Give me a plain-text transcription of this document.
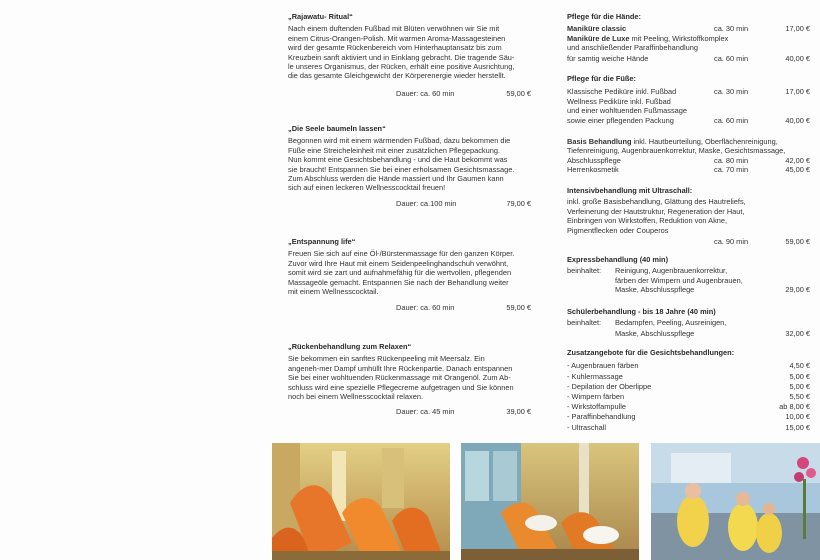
„Rajawatu- Ritual“

Nach einem duftenden Fußbad mit Blüten verwöhnen wir Sie mit
einem Citrus-Orangen-Polish. Mit warmen Aroma-Massagesteinen
wird der gesamte Rückenbereich vom Hinterhauptansatz bis zum
Kreuzbein sanft aktiviert und in Einklang gebracht. Die tragende Säu-
le unseres Organismus, der Rücken, erhält eine positive Ausrichtung,
die das gesamte Gleichgewicht der Körperenergie wieder herstellt.

Dauer: ca. 60 min	59,00 €

„Die Seele baumeln lassen“

Begonnen wird mit einem wärmenden Fußbad, dazu bekommen die
Füße eine Streicheleinheit mit einer zusätzlichen Pflegepackung.
Nun kommt eine Gesichtsbehandlung - und die Haut bekommt was
sie braucht! Entspannen Sie bei einer erholsamen Gesichtsmassage.
Zum Abschluss werden die Hände massiert und Ihr Gaumen kann
sich auf einen leckeren Wellnesscocktail freuen!

Dauer: ca.100 min	79,00 €

„Entspannung life“

Freuen Sie sich auf eine Öl-/Bürstenmassage für den ganzen Körper.
Zuvor wird Ihre Haut mit einem Seidenpeelinghandschuh verwöhnt,
somit wird sie zart und aufnahmefähig für die wertvollen, pflegenden
Massageöle gemacht. Entspannen Sie nach der Behandlung weiter
mit einem Wellnesscocktail.

Dauer: ca. 60 min	59,00 €

„Rückenbehandlung zum Relaxen“

Sie bekommen ein sanftes Rückenpeeling mit Meersalz. Ein
angeneh-mer Dampf umhüllt Ihre Rückenpartie. Danach entspannen
Sie bei einer wohltuenden Rückenmassage mit Orangenöl. Zum Ab-
schluss wird eine spezielle Pflegecreme aufgetragen und Sie können
noch bei einem Wellnesscocktail relaxen.

Dauer: ca. 45 min	39,00 €
Pflege für die Hände:
Maniküre classic	ca. 30 min	17,00 €
Maniküre de Luxe mit Peeling, Wirkstoffkomplex
und anschließender Paraffinbehandlung
für samtig weiche Hände	ca. 60 min	40,00 €
Pflege für die Füße:
Klassische Pediküre inkl. Fußbad	ca. 30 min	17,00 €
Wellness Pediküre inkl. Fußbad
und einer wohltuenden Fußmassage
sowie einer pflegenden Packung	ca. 60 min	40,00 €
Basis Behandlung inkl. Hautbeurteilung, Oberflächenreinigung,
Tiefenreinigung, Augenbrauenkorrektur, Maske, Gesichtsmassage,
Abschlusspflege	ca. 80 min	42,00 €
Herrenkosmetik	ca. 70 min	45,00 €
Intensivbehandlung mit Ultraschall:

inkl. große Basisbehandlung, Glättung des Hautreliefs,
Verfeinerung der Hautstruktur, Regeneration der Haut,
Einbringen von Wirkstoffen, Reduktion von Akne,
Pigmentflecken oder Couperos

ca. 90 min	59,00 €
Expressbehandlung (40 min)
beinhaltet:	Reinigung, Augenbrauenkorrektur,
färben der Wimpern und Augenbrauen,
Maske, Abschlusspflege	29,00 €
Schülerbehandlung - bis 18 Jahre (40 min)
beinhaltet:	Bedampfen, Peeling, Ausreinigen,
Maske, Abschlusspflege	32,00 €
Zusatzangebote für die Gesichtsbehandlungen:
- Augenbrauen färben	4,50 €
- Kuhlermassage	5,00 €
- Depilation der Oberlippe	5,00 €
- Wimpern färben	5,50 €
- Wirkstoffampulle	ab 8,00 €
- Paraffinbehandlung	10,00 €
- Ultraschall	15,00 €
